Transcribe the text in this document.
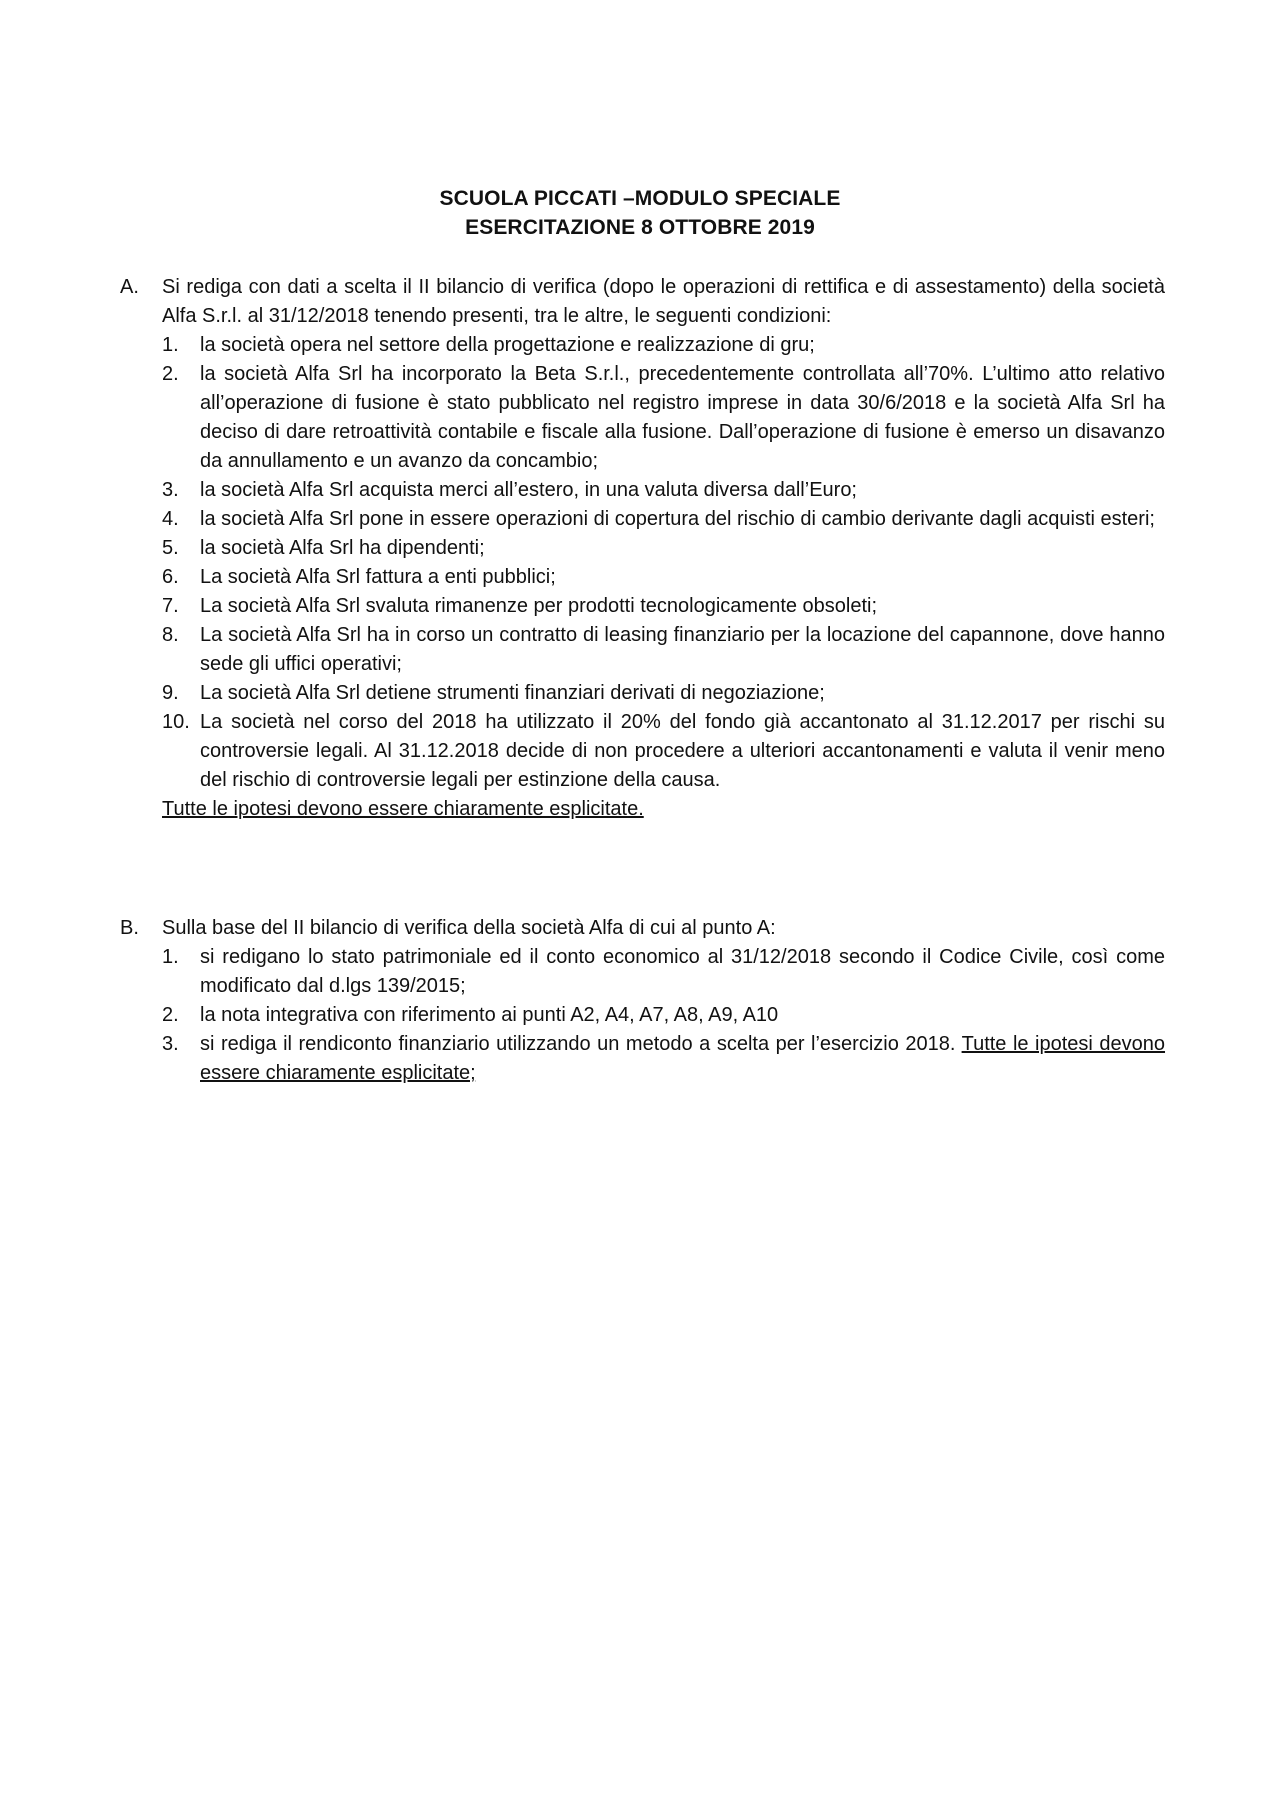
SCUOLA PICCATI –MODULO SPECIALE
ESERCITAZIONE 8 OTTOBRE 2019
A. Si rediga con dati a scelta il II bilancio di verifica (dopo le operazioni di rettifica e di assestamento) della società Alfa S.r.l. al 31/12/2018 tenendo presenti, tra le altre, le seguenti condizioni:
1. la società opera nel settore della progettazione e realizzazione di gru;
2. la società Alfa Srl ha incorporato la Beta S.r.l., precedentemente controllata all’70%. L’ultimo atto relativo all’operazione di fusione è stato pubblicato nel registro imprese in data 30/6/2018 e la società Alfa Srl ha deciso di dare retroattività contabile e fiscale alla fusione. Dall’operazione di fusione è emerso un disavanzo da annullamento e un avanzo da concambio;
3. la società Alfa Srl acquista merci all’estero, in una valuta diversa dall’Euro;
4. la società Alfa Srl pone in essere operazioni di copertura del rischio di cambio derivante dagli acquisti esteri;
5. la società Alfa Srl ha dipendenti;
6. La società Alfa Srl fattura a enti pubblici;
7. La società Alfa Srl svaluta rimanenze per prodotti tecnologicamente obsoleti;
8. La società Alfa Srl ha in corso un contratto di leasing finanziario per la locazione del capannone, dove hanno sede gli uffici operativi;
9. La società Alfa Srl detiene strumenti finanziari derivati di negoziazione;
10. La società nel corso del 2018 ha utilizzato il 20% del fondo già accantonato al 31.12.2017 per rischi su controversie legali. Al 31.12.2018 decide di non procedere a ulteriori accantonamenti e valuta il venir meno del rischio di controversie legali per estinzione della causa.
Tutte le ipotesi devono essere chiaramente esplicitate.
B. Sulla base del II bilancio di verifica della società Alfa di cui al punto A:
1. si redigano lo stato patrimoniale ed il conto economico al 31/12/2018 secondo il Codice Civile, così come modificato dal d.lgs 139/2015;
2. la nota integrativa con riferimento ai punti A2, A4, A7, A8, A9, A10
3. si rediga il rendiconto finanziario utilizzando un metodo a scelta per l’esercizio 2018. Tutte le ipotesi devono essere chiaramente esplicitate;
